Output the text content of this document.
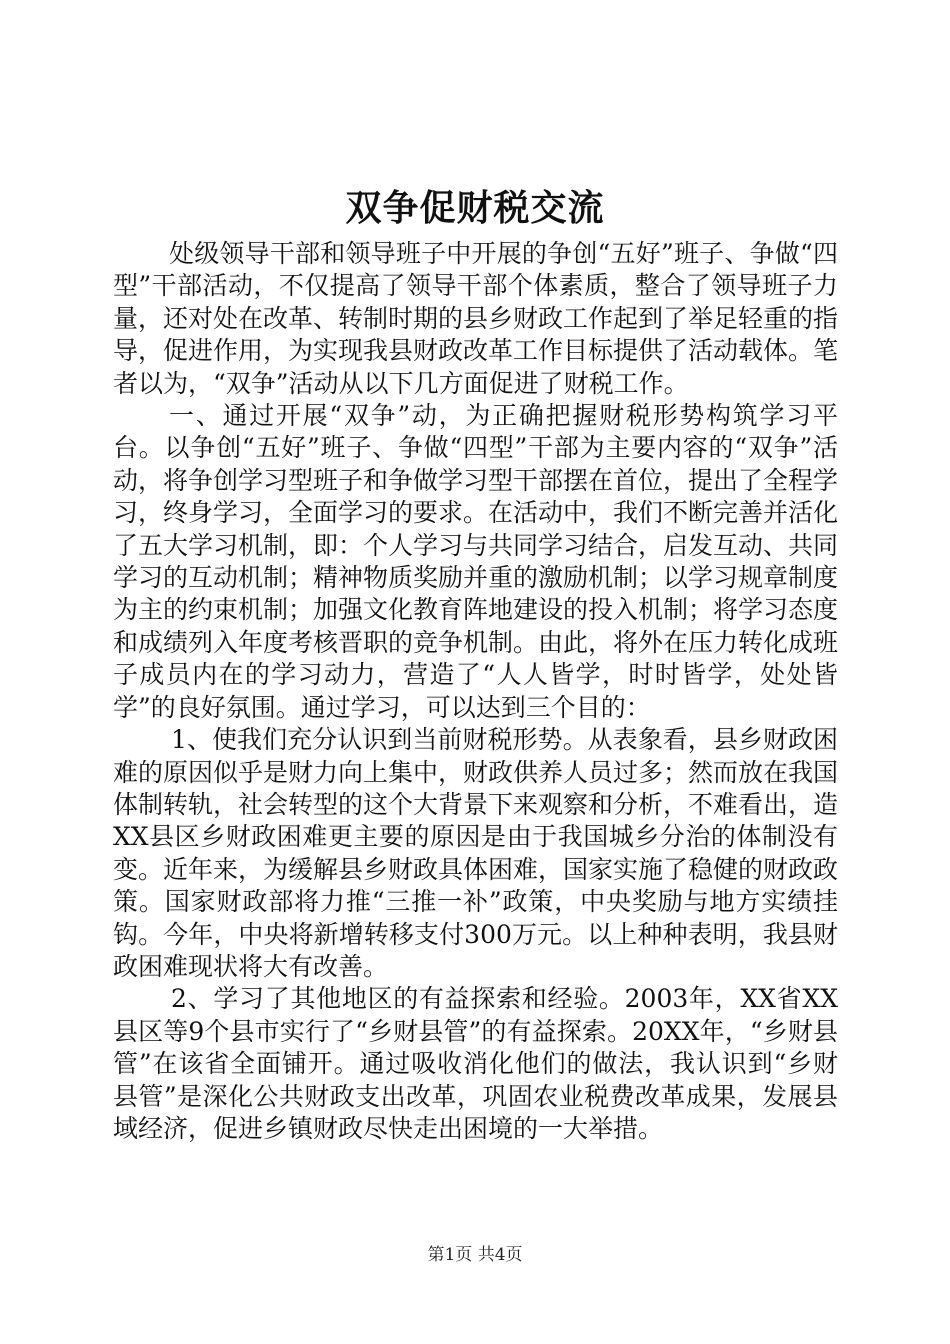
双争促财税交流

处级领导干部和领导班子中开展的争创“五好”班子、争做“四型”干部活动，不仅提高了领导干部个体素质，整合了领导班子力量，还对处在改革、转制时期的县乡财政工作起到了举足轻重的指导，促进作用，为实现我县财政改革工作目标提供了活动载体。笔者以为，“双争”活动从以下几方面促进了财税工作。

一、通过开展“双争”动，为正确把握财税形势构筑学习平台。以争创“五好”班子、争做“四型”干部为主要内容的“双争”活动，将争创学习型班子和争做学习型干部摆在首位，提出了全程学习，终身学习，全面学习的要求。在活动中，我们不断完善并活化了五大学习机制，即：个人学习与共同学习结合，启发互动、共同学习的互动机制；精神物质奖励并重的激励机制；以学习规章制度为主的约束机制；加强文化教育阵地建设的投入机制；将学习态度和成绩列入年度考核晋职的竞争机制。由此，将外在压力转化成班子成员内在的学习动力，营造了“人人皆学，时时皆学，处处皆学”的良好氛围。通过学习，可以达到三个目的：

1、使我们充分认识到当前财税形势。从表象看，县乡财政困难的原因似乎是财力向上集中，财政供养人员过多；然而放在我国体制转轨，社会转型的这个大背景下来观察和分析，不难看出，造XX县区乡财政困难更主要的原因是由于我国城乡分治的体制没有变。近年来，为缓解县乡财政具体困难，国家实施了稳健的财政政策。国家财政部将力推“三推一补”政策，中央奖励与地方实绩挂钩。今年，中央将新增转移支付300万元。以上种种表明，我县财政困难现状将大有改善。

2、学习了其他地区的有益探索和经验。2003年，XX省XX县区等9个县市实行了“乡财县管”的有益探索。20XX年，“乡财县管”在该省全面铺开。通过吸收消化他们的做法，我认识到“乡财县管”是深化公共财政支出改革，巩固农业税费改革成果，发展县域经济，促进乡镇财政尽快走出困境的一大举措。

第1页 共4页
